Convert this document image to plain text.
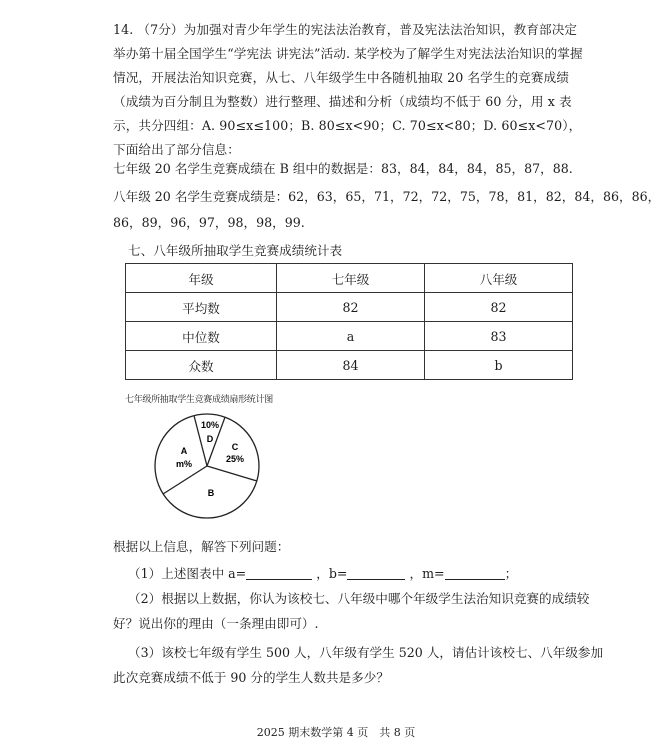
14. （7分）为加强对青少年学生的宪法法治教育，普及宪法法治知识，教育部决定举办第十届全国学生“学宪法 讲宪法”活动. 某学校为了解学生对宪法法治知识的掌握情况，开展法治知识竞赛，从七、八年级学生中各随机抽取 20 名学生的竞赛成绩（成绩为百分制且为整数）进行整理、描述和分析（成绩均不低于 60 分，用 x 表示，共分四组：A. 90≤x≤100；B. 80≤x<90；C. 70≤x<80；D. 60≤x<70），下面给出了部分信息：
七年级 20 名学生竞赛成绩在 B 组中的数据是：83，84，84，84，85，87，88.
八年级 20 名学生竞赛成绩是：62，63，65，71，72，72，75，78，81，82，84，86，86，
86，89，96，97，98，98，99.
七、八年级所抽取学生竞赛成绩统计表
年级	七年级	八年级
平均数	82	82
中位数	a	83
众数	84	b
七年级所抽取学生竞赛成绩扇形统计图
10%
D
C
25%
A
m%
B
根据以上信息，解答下列问题：
（1）上述图表中 a=	，b=	，m=	；
（2）根据以上数据，你认为该校七、八年级中哪个年级学生法治知识竞赛的成绩较
好？说出你的理由（一条理由即可）.
（3）该校七年级有学生 500 人，八年级有学生 520 人，请估计该校七、八年级参加
此次竞赛成绩不低于 90 分的学生人数共是多少？
2025 期末数学第 4 页　共 8 页
